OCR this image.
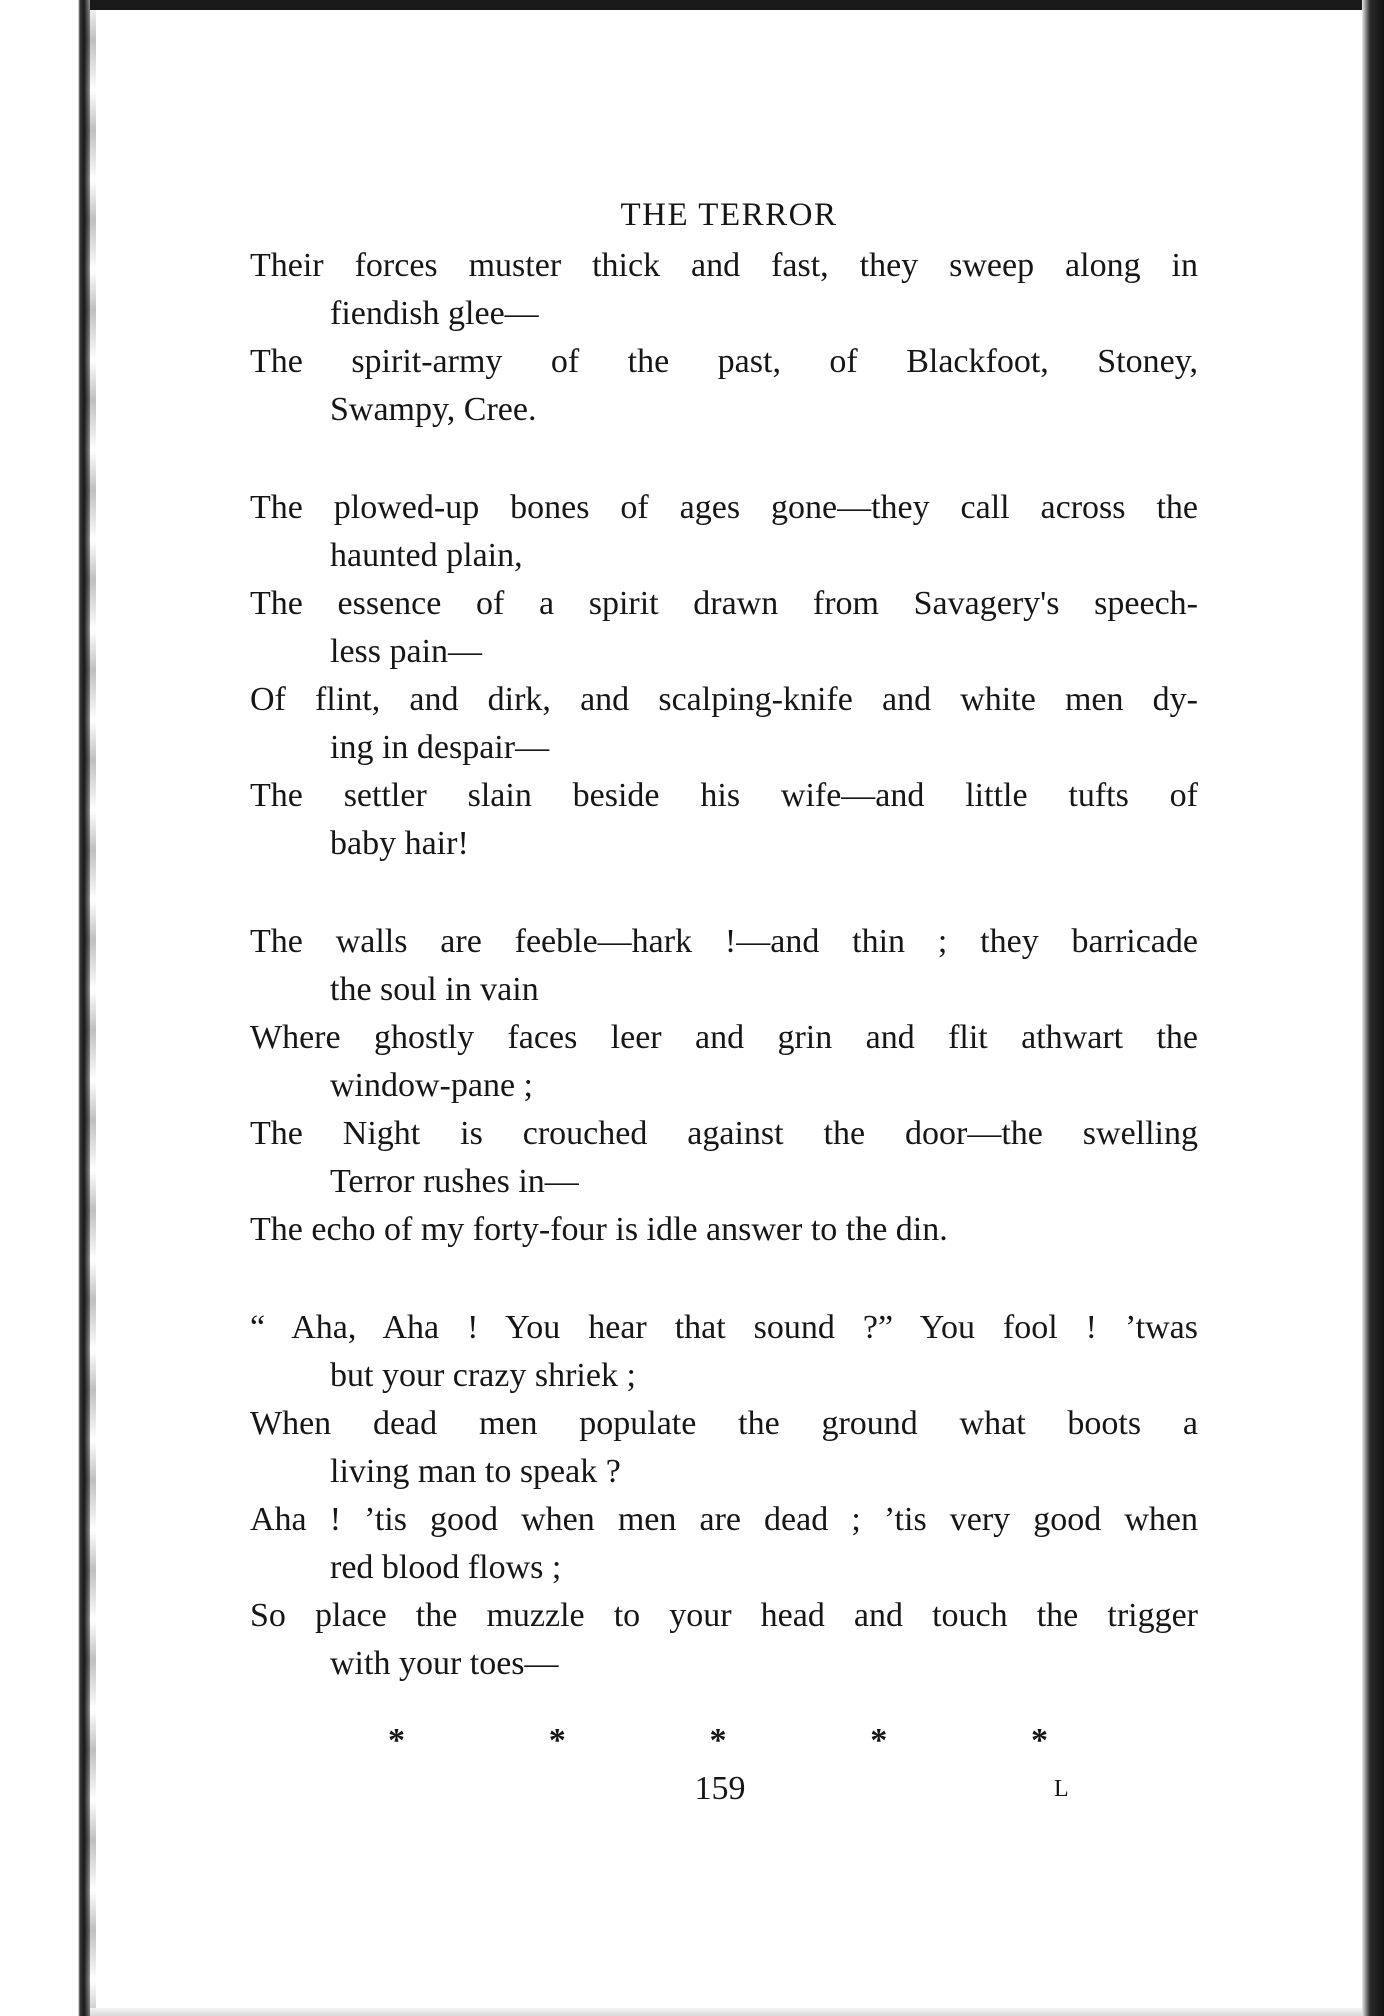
THE TERROR

Their forces muster thick and fast, they sweep along in

fiendish glee—

The spirit-army of the past, of Blackfoot, Stoney,

Swampy, Cree.

The plowed-up bones of ages gone—they call across the

haunted plain,

The essence of a spirit drawn from Savagery's speech-

less pain—

Of flint, and dirk, and scalping-knife and white men dy-

ing in despair—

The settler slain beside his wife—and little tufts of

baby hair!

The walls are feeble—hark !—and thin ; they barricade

the soul in vain

Where ghostly faces leer and grin and flit athwart the

window-pane ;

The Night is crouched against the door—the swelling

Terror rushes in—

The echo of my forty-four is idle answer to the din.

“ Aha, Aha ! You hear that sound ?” You fool ! ’twas

but your crazy shriek ;

When dead men populate the ground what boots a

living man to speak ?

Aha ! ’tis good when men are dead ; ’tis very good when

red blood flows ;

So place the muzzle to your head and touch the trigger

with your toes—

*	*	*	*	*
159	L
